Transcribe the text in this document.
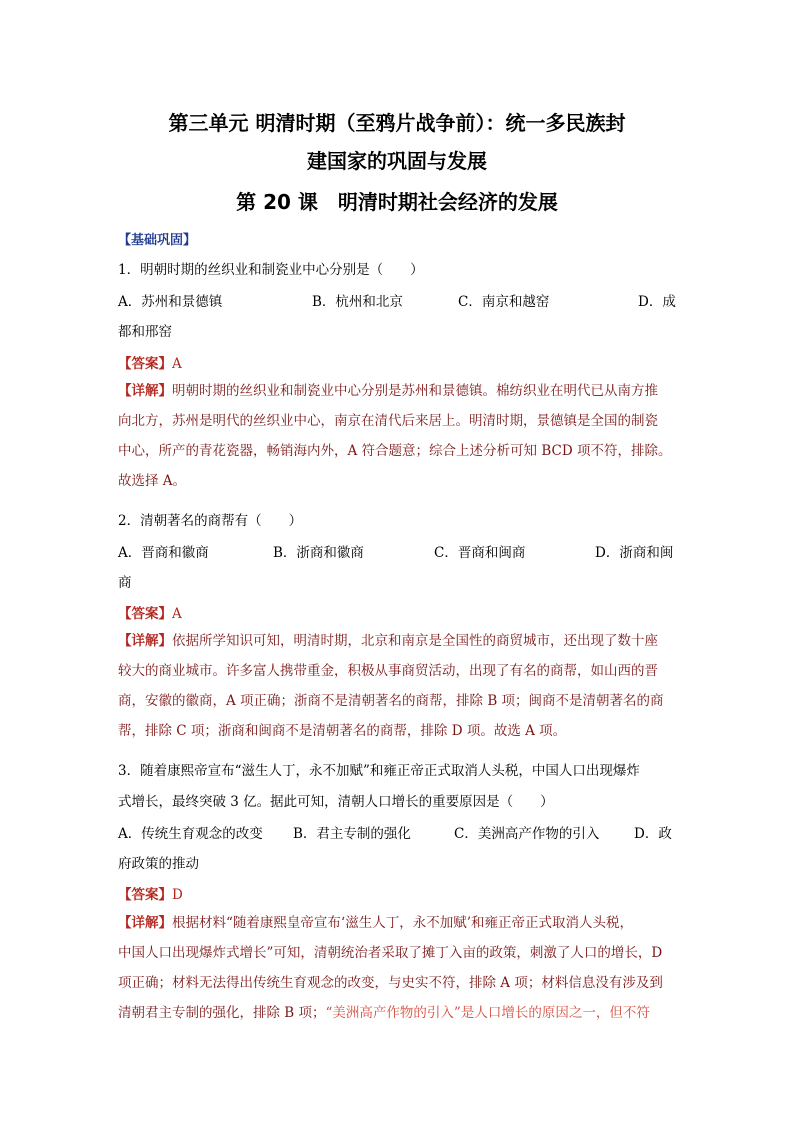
第三单元 明清时期（至鸦片战争前）：统一多民族封
建国家的巩固与发展
第 20 课　明清时期社会经济的发展
【基础巩固】
1．明朝时期的丝织业和制瓷业中心分别是（　　）
A．苏州和景德镇	B．杭州和北京	C．南京和越窑	D．成
都和邢窑
【答案】A
【详解】明朝时期的丝织业和制瓷业中心分别是苏州和景德镇。棉纺织业在明代已从南方推
向北方，苏州是明代的丝织业中心，南京在清代后来居上。明清时期，景德镇是全国的制瓷
中心，所产的青花瓷器，畅销海内外，A 符合题意；综合上述分析可知 BCD 项不符，排除。
故选择 A。
2．清朝著名的商帮有（　　）
A．晋商和徽商	B．浙商和徽商	C．晋商和闽商	D．浙商和闽
商
【答案】A
【详解】依据所学知识可知，明清时期，北京和南京是全国性的商贸城市，还出现了数十座
较大的商业城市。许多富人携带重金，积极从事商贸活动，出现了有名的商帮，如山西的晋
商，安徽的徽商，A 项正确；浙商不是清朝著名的商帮，排除 B 项；闽商不是清朝著名的商
帮，排除 C 项；浙商和闽商不是清朝著名的商帮，排除 D 项。故选 A 项。
3．随着康熙帝宣布“滋生人丁，永不加赋”和雍正帝正式取消人头税，中国人口出现爆炸
式增长，最终突破 3 亿。据此可知，清朝人口增长的重要原因是（　　）
A．传统生育观念的改变 B．君主专制的强化	C．美洲高产作物的引入	D．政
府政策的推动
【答案】D
【详解】根据材料“随着康熙皇帝宣布‘滋生人丁，永不加赋’和雍正帝正式取消人头税，
中国人口出现爆炸式增长”可知，清朝统治者采取了摊丁入亩的政策，刺激了人口的增长，D
项正确；材料无法得出传统生育观念的改变，与史实不符，排除 A 项；材料信息没有涉及到
清朝君主专制的强化，排除 B 项；“美洲高产作物的引入”是人口增长的原因之一，但不符
